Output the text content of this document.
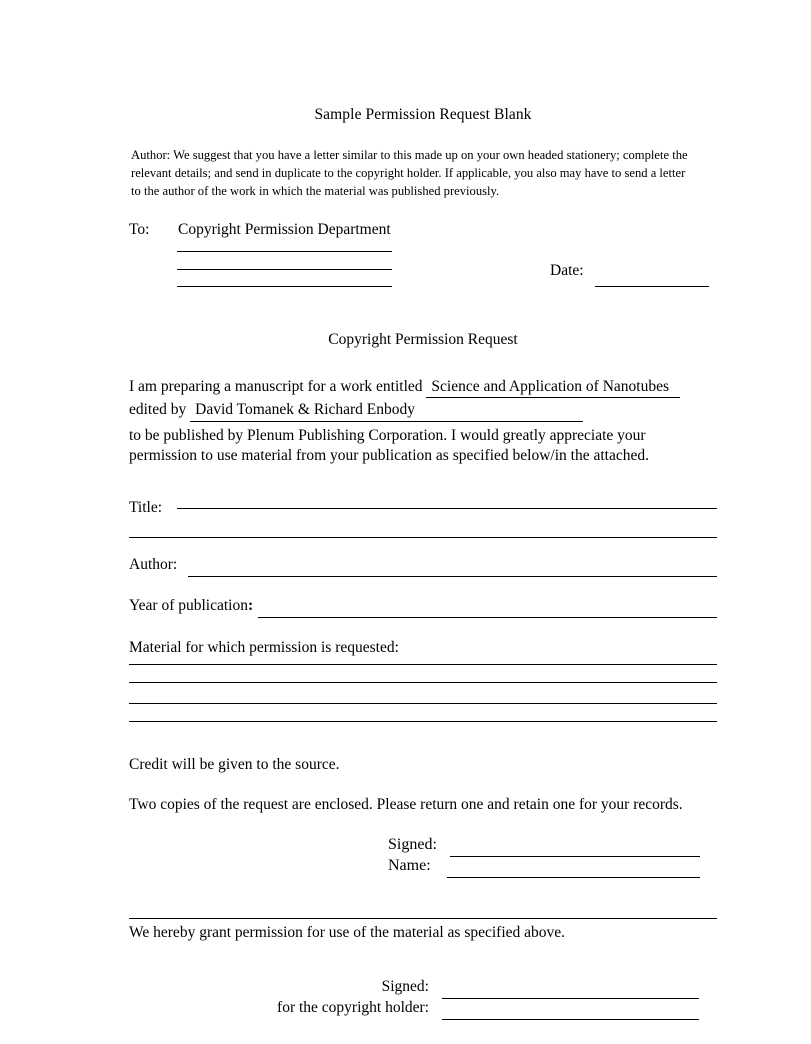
Sample Permission Request Blank

Author: We suggest that you have a letter similar to this made up on your own headed stationery; complete the relevant details; and send in duplicate to the copyright holder. If applicable, you also may have to send a letter to the author of the work in which the material was published previously.

To: Copyright Permission Department
Date:
Copyright Permission Request
I am preparing a manuscript for a work entitled Science and Application of Nanotubes
edited by David Tomanek & Richard Enbody
to be published by Plenum Publishing Corporation. I would greatly appreciate your permission to use material from your publication as specified below/in the attached.
Title:
Author:
Year of publication:
Material for which permission is requested:

Credit will be given to the source.

Two copies of the request are enclosed. Please return one and retain one for your records.

Signed:
Name:
We hereby grant permission for use of the material as specified above.
Signed:
for the copyright holder:
